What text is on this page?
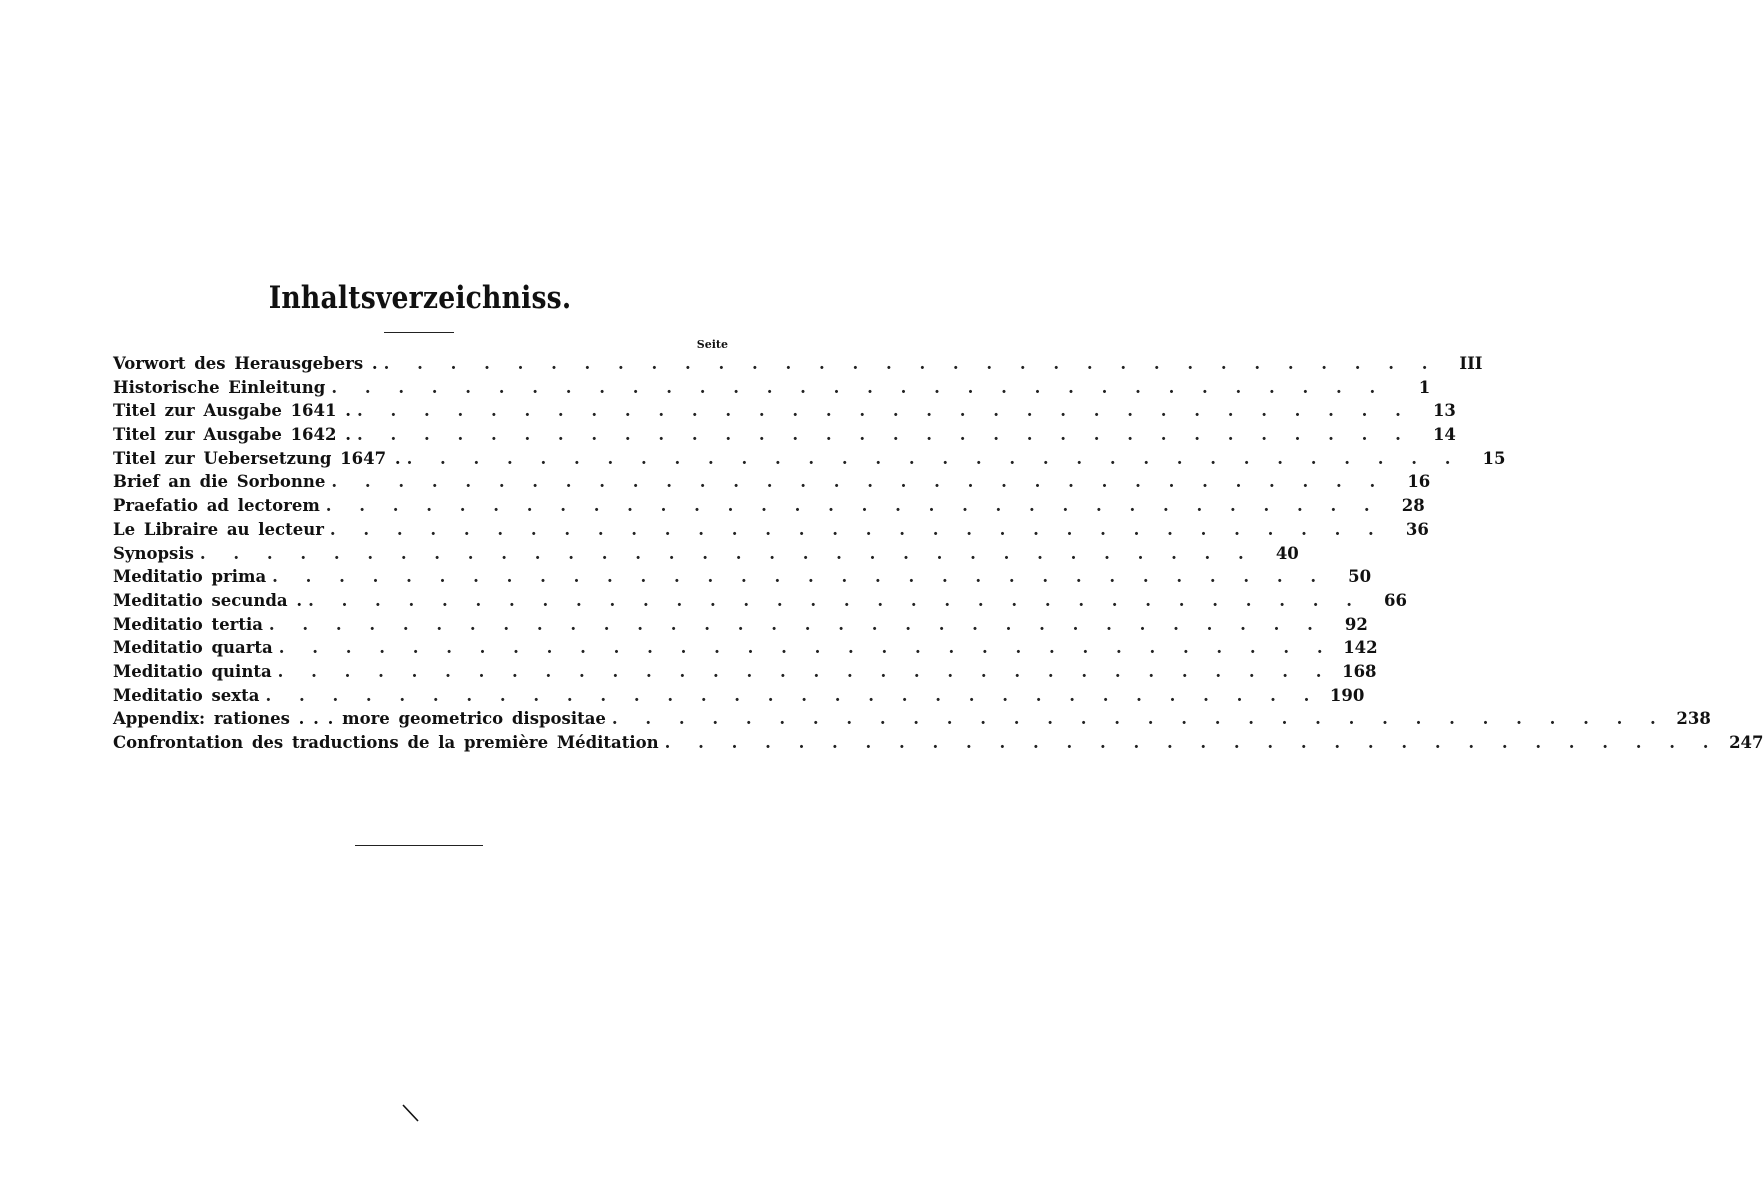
Inhaltsverzeichniss.
Seite
Vorwort des Herausgebers . . . . . . . . . . . . . . . . . . . . . . . . . . . . . . . . .	III
Historische Einleitung . . . . . . . . . . . . . . . . . . . . . . . . . . . . . . . .	1
Titel zur Ausgabe 1641 . . . . . . . . . . . . . . . . . . . . . . . . . . . . . . . . .	13
Titel zur Ausgabe 1642 . . . . . . . . . . . . . . . . . . . . . . . . . . . . . . . . .	14
Titel zur Uebersetzung 1647 . . . . . . . . . . . . . . . . . . . . . . . . . . . . . . . . .	15
Brief an die Sorbonne . . . . . . . . . . . . . . . . . . . . . . . . . . . . . . . .	16
Praefatio ad lectorem . . . . . . . . . . . . . . . . . . . . . . . . . . . . . . . .	28
Le Libraire au lecteur . . . . . . . . . . . . . . . . . . . . . . . . . . . . . . . .	36
Synopsis . . . . . . . . . . . . . . . . . . . . . . . . . . . . . . . .	40
Meditatio prima . . . . . . . . . . . . . . . . . . . . . . . . . . . . . . . .	50
Meditatio secunda . . . . . . . . . . . . . . . . . . . . . . . . . . . . . . . . .	66
Meditatio tertia . . . . . . . . . . . . . . . . . . . . . . . . . . . . . . . .	92
Meditatio quarta . . . . . . . . . . . . . . . . . . . . . . . . . . . . . . . . 142
Meditatio quinta . . . . . . . . . . . . . . . . . . . . . . . . . . . . . . . . 168
Meditatio sexta . . . . . . . . . . . . . . . . . . . . . . . . . . . . . . . . 190
Appendix: rationes . . . more geometrico dispositae . . . . . . . . . . . . . . . . . . . . . . . . . . . . . . . . 238
Confrontation des traductions de la première Méditation . . . . . . . . . . . . . . . . . . . . . . . . . . . . . . . . 247
